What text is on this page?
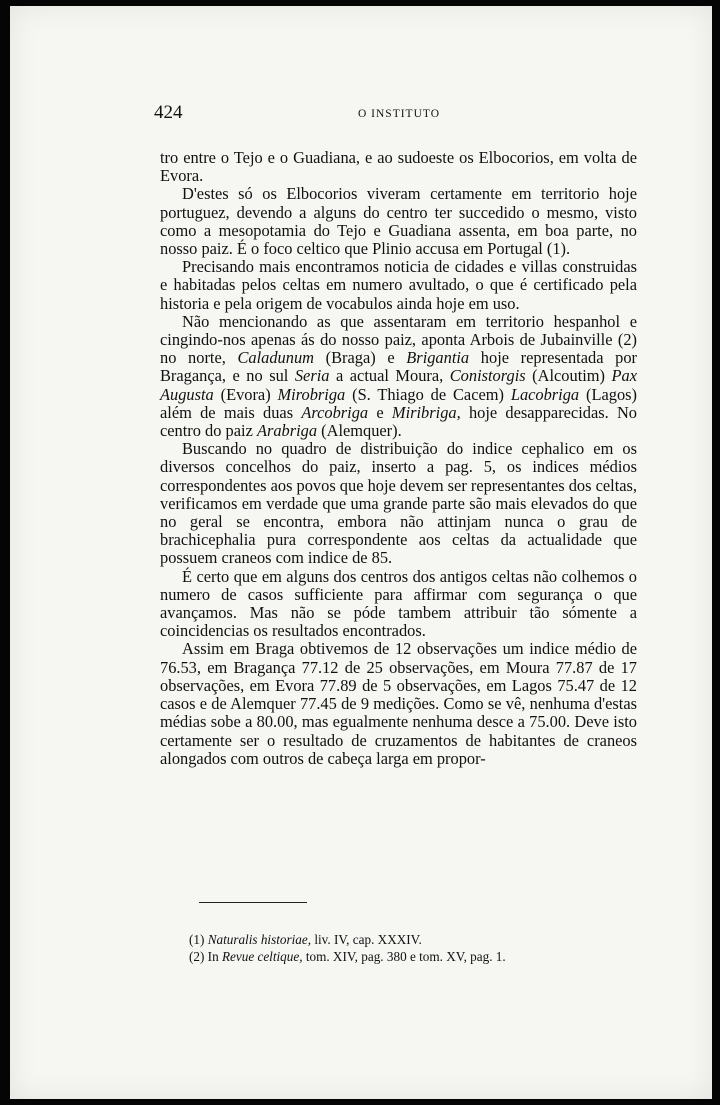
424	O INSTITUTO

tro entre o Tejo e o Guadiana, e ao sudoeste os Elbocorios, em volta de Evora.

D'estes só os Elbocorios viveram certamente em territorio hoje portuguez, devendo a alguns do centro ter succedido o mesmo, visto como a mesopotamia do Tejo e Guadiana assenta, em boa parte, no nosso paiz. É o foco celtico que Plinio accusa em Portugal (1).

Precisando mais encontramos noticia de cidades e villas construidas e habitadas pelos celtas em numero avultado, o que é certificado pela historia e pela origem de vocabulos ainda hoje em uso.

Não mencionando as que assentaram em territorio hespanhol e cingindo-nos apenas ás do nosso paiz, aponta Arbois de Jubainville (2) no norte, Caladunum (Braga) e Brigantia hoje representada por Bragança, e no sul Seria a actual Moura, Conistorgis (Alcoutim) Pax Augusta (Evora) Mirobriga (S. Thiago de Cacem) Lacobriga (Lagos) além de mais duas Arcobriga e Miribriga, hoje desapparecidas. No centro do paiz Arabriga (Alemquer).

Buscando no quadro de distribuição do indice cephalico em os diversos concelhos do paiz, inserto a pag. 5, os indices médios correspondentes aos povos que hoje devem ser representantes dos celtas, verificamos em verdade que uma grande parte são mais elevados do que no geral se encontra, embora não attinjam nunca o grau de brachicephalia pura correspondente aos celtas da actualidade que possuem craneos com indice de 85.

É certo que em alguns dos centros dos antigos celtas não colhemos o numero de casos sufficiente para affirmar com segurança o que avançamos. Mas não se póde tambem attribuir tão sómente a coincidencias os resultados encontrados.

Assim em Braga obtivemos de 12 observações um indice médio de 76.53, em Bragança 77.12 de 25 observações, em Moura 77.87 de 17 observações, em Evora 77.89 de 5 observações, em Lagos 75.47 de 12 casos e de Alemquer 77.45 de 9 medições. Como se vê, nenhuma d'estas médias sobe a 80.00, mas egualmente nenhuma desce a 75.00. Deve isto certamente ser o resultado de cruzamentos de habitantes de craneos alongados com outros de cabeça larga em propor-

(1) Naturalis historiae, liv. IV, cap. XXXIV.

(2) In Revue celtique, tom. XIV, pag. 380 e tom. XV, pag. 1.
